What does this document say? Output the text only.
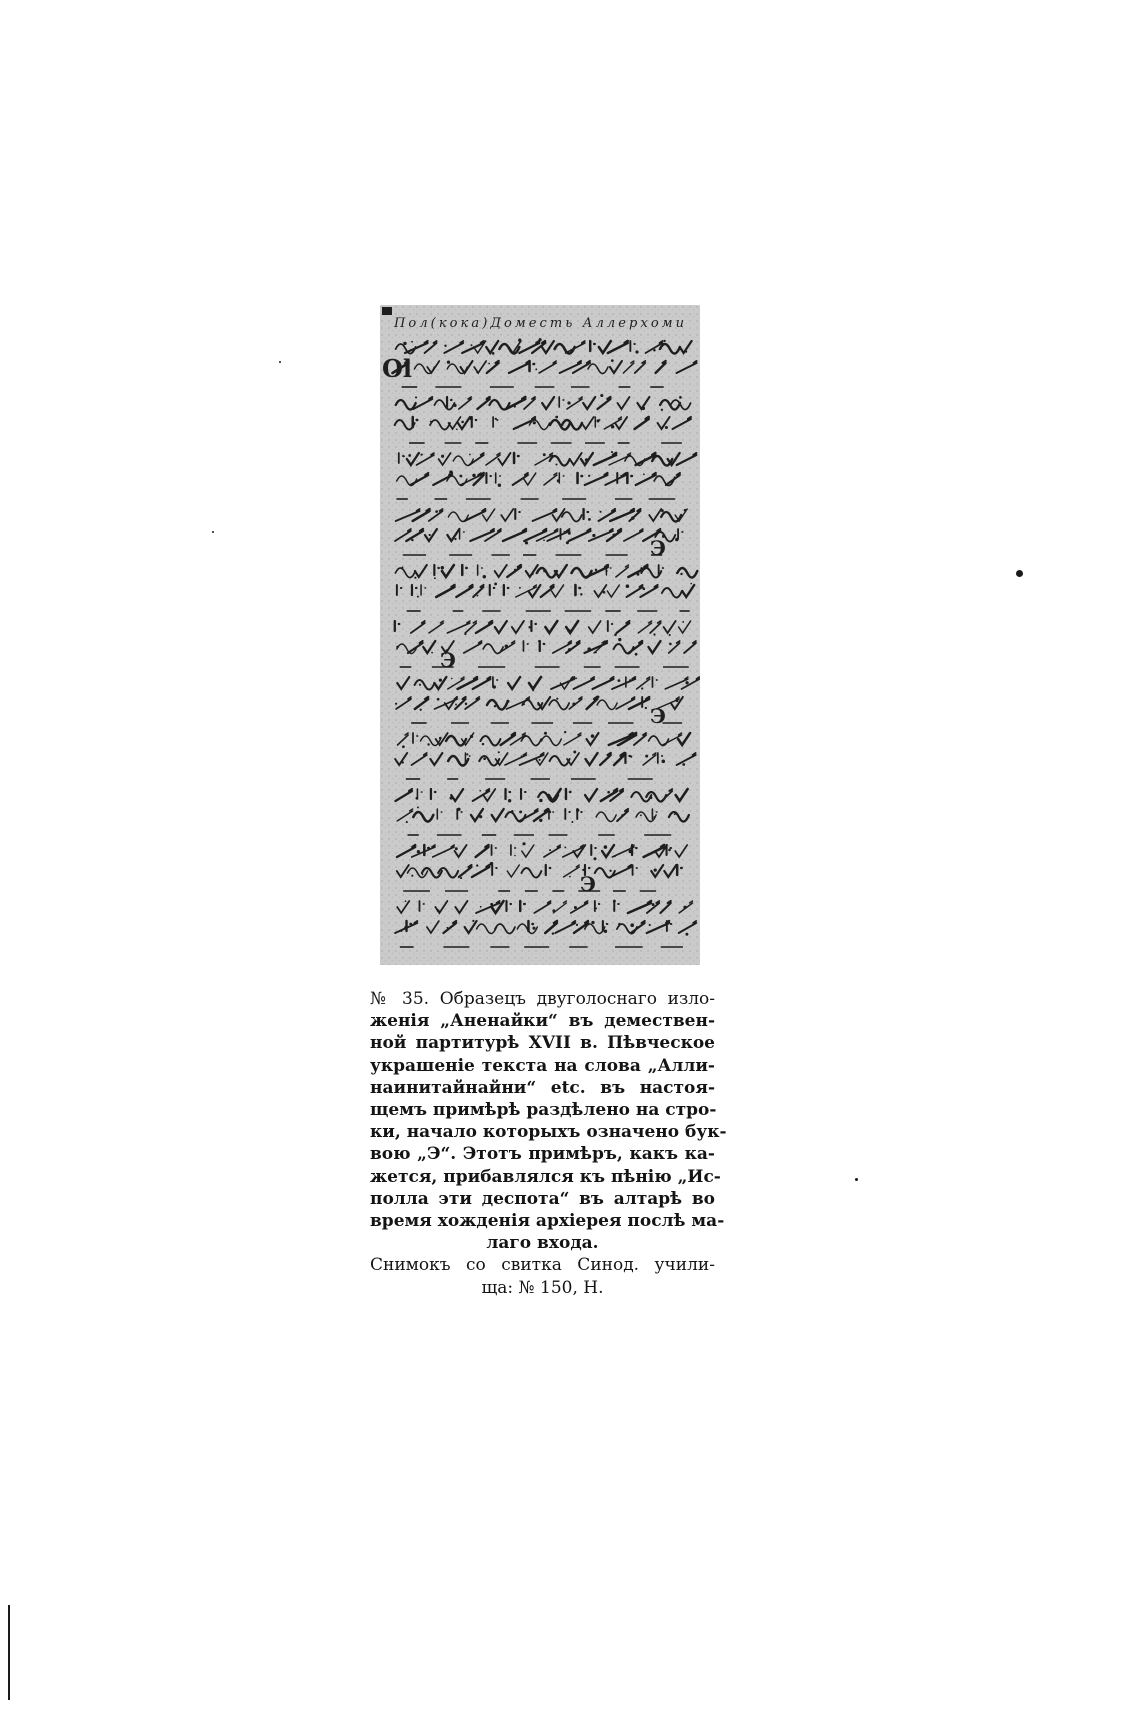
Э
Э
Э
Э
Пол(кока)Доместь Аллерхоми
Ol
№ 35. Образецъ двуголоснаго изло-
женія „Аненайки“ въ демествен-
ной партитурѣ XVII в. Пѣвческое
украшеніе текста на слова „Алли-
наинитайнайни“ etc. въ настоя-
щемъ примѣрѣ раздѣлено на стро-
ки, начало которыхъ означено бук-
вою „Э“. Этотъ примѣръ, какъ ка-
жется, прибавлялся къ пѣнію „Ис-
полла эти деспота“ въ алтарѣ во
время хожденія архіерея послѣ ма-
лаго входа.
Снимокъ со свитка Синод. учили-
ща: № 150, Н.
